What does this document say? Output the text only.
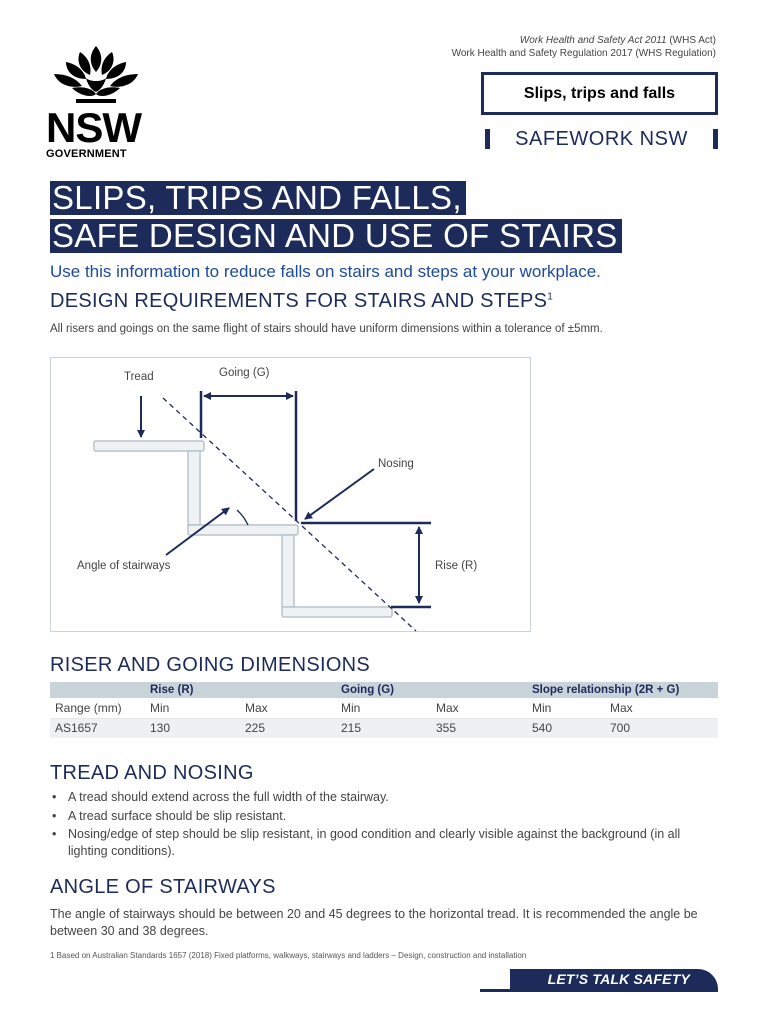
NSW
GOVERNMENT
Work Health and Safety Act 2011 (WHS Act)
Work Health and Safety Regulation 2017 (WHS Regulation)
Slips, trips and falls
SAFEWORK NSW
SLIPS, TRIPS AND FALLS,
SAFE DESIGN AND USE OF STAIRS
Use this information to reduce falls on stairs and steps at your workplace.
DESIGN REQUIREMENTS FOR STAIRS AND STEPS$^1$
All risers and goings on the same flight of stairs should have uniform dimensions within a tolerance of ±5mm.
Tread	Going (G)
Nosing
Angle of stairways	Rise (R)
RISER AND GOING DIMENSIONS
	Rise (R)		Going (G)		Slope relationship (2R + G)	
Range (mm)	Min	Max	Min	Max	Min	Max
AS1657	130	225	215	355	540	700
TREAD AND NOSING
• A tread should extend across the full width of the stairway.
• A tread surface should be slip resistant.
• Nosing/edge of step should be slip resistant, in good condition and clearly visible against the background (in all lighting conditions).
ANGLE OF STAIRWAYS
The angle of stairways should be between 20 and 45 degrees to the horizontal tread. It is recommended the angle be between 30 and 38 degrees.
1 Based on Australian Standards 1657 (2018) Fixed platforms, walkways, stairways and ladders – Design, construction and installation
LET’S TALK SAFETY
